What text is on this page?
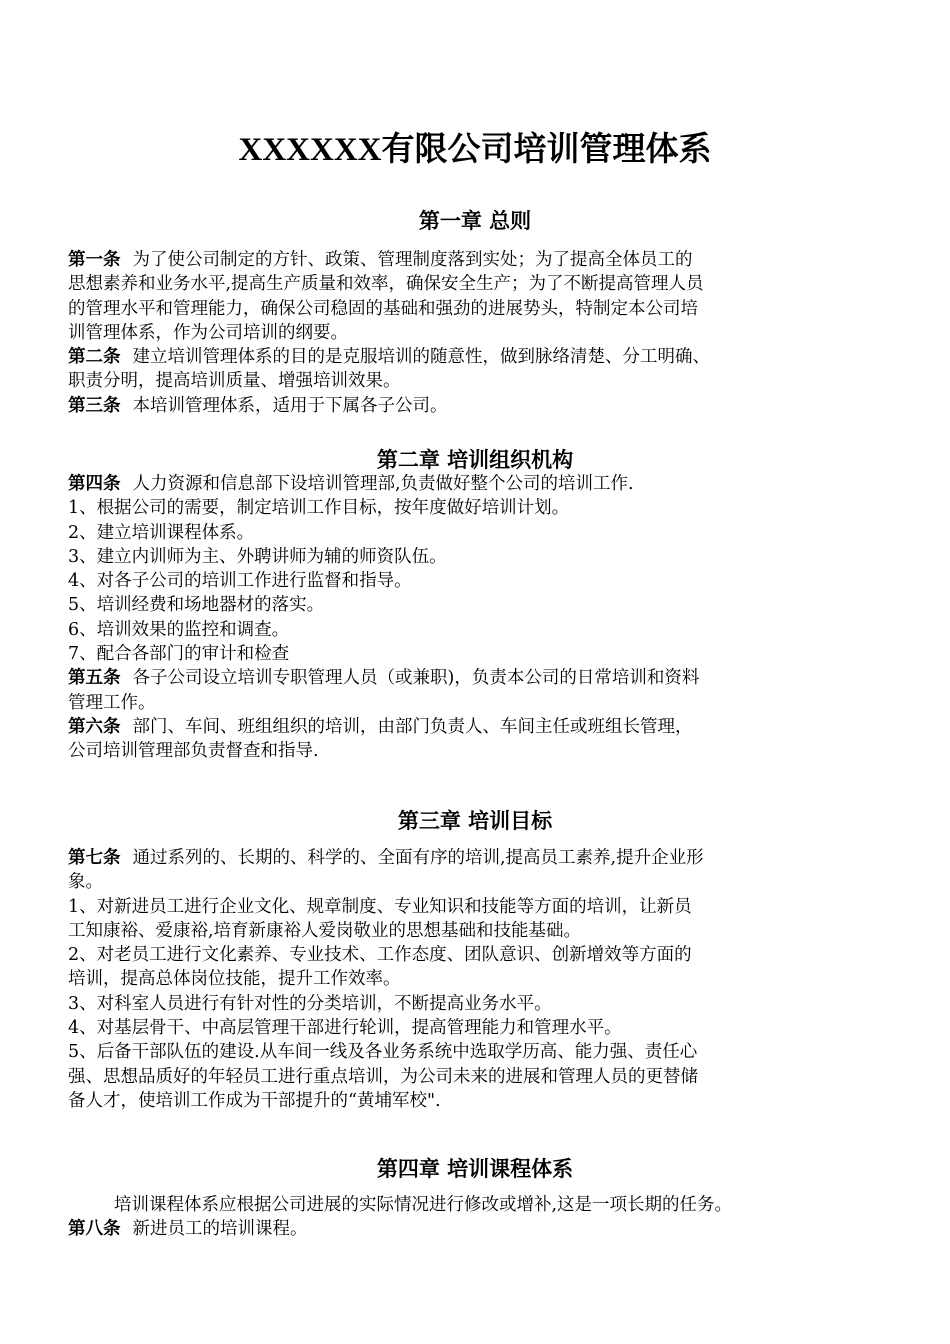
XXXXXX有限公司培训管理体系
第一章 总则
第一条 为了使公司制定的方针、政策、管理制度落到实处；为了提高全体员工的
思想素养和业务水平,提高生产质量和效率，确保安全生产；为了不断提高管理人员
的管理水平和管理能力，确保公司稳固的基础和强劲的进展势头，特制定本公司培
训管理体系，作为公司培训的纲要。
第二条 建立培训管理体系的目的是克服培训的随意性，做到脉络清楚、分工明确、
职责分明，提高培训质量、增强培训效果。
第三条 本培训管理体系，适用于下属各子公司。
第二章 培训组织机构
第四条 人力资源和信息部下设培训管理部,负责做好整个公司的培训工作.
1、根据公司的需要，制定培训工作目标，按年度做好培训计划。
2、建立培训课程体系。
3、建立内训师为主、外聘讲师为辅的师资队伍。
4、对各子公司的培训工作进行监督和指导。
5、培训经费和场地器材的落实。
6、培训效果的监控和调查。
7、配合各部门的审计和检查
第五条 各子公司设立培训专职管理人员（或兼职)，负责本公司的日常培训和资料
管理工作。
第六条 部门、车间、班组组织的培训，由部门负责人、车间主任或班组长管理，
公司培训管理部负责督查和指导.
第三章 培训目标
第七条 通过系列的、长期的、科学的、全面有序的培训,提高员工素养,提升企业形
象。
1、对新进员工进行企业文化、规章制度、专业知识和技能等方面的培训，让新员
工知康裕、爱康裕,培育新康裕人爱岗敬业的思想基础和技能基础。
2、对老员工进行文化素养、专业技术、工作态度、团队意识、创新增效等方面的
培训，提高总体岗位技能，提升工作效率。
3、对科室人员进行有针对性的分类培训，不断提高业务水平。
4、对基层骨干、中高层管理干部进行轮训，提高管理能力和管理水平。
5、后备干部队伍的建设.从车间一线及各业务系统中选取学历高、能力强、责任心
强、思想品质好的年轻员工进行重点培训，为公司未来的进展和管理人员的更替储
备人才，使培训工作成为干部提升的“黄埔军校".
第四章 培训课程体系
培训课程体系应根据公司进展的实际情况进行修改或增补,这是一项长期的任务。
第八条 新进员工的培训课程。
